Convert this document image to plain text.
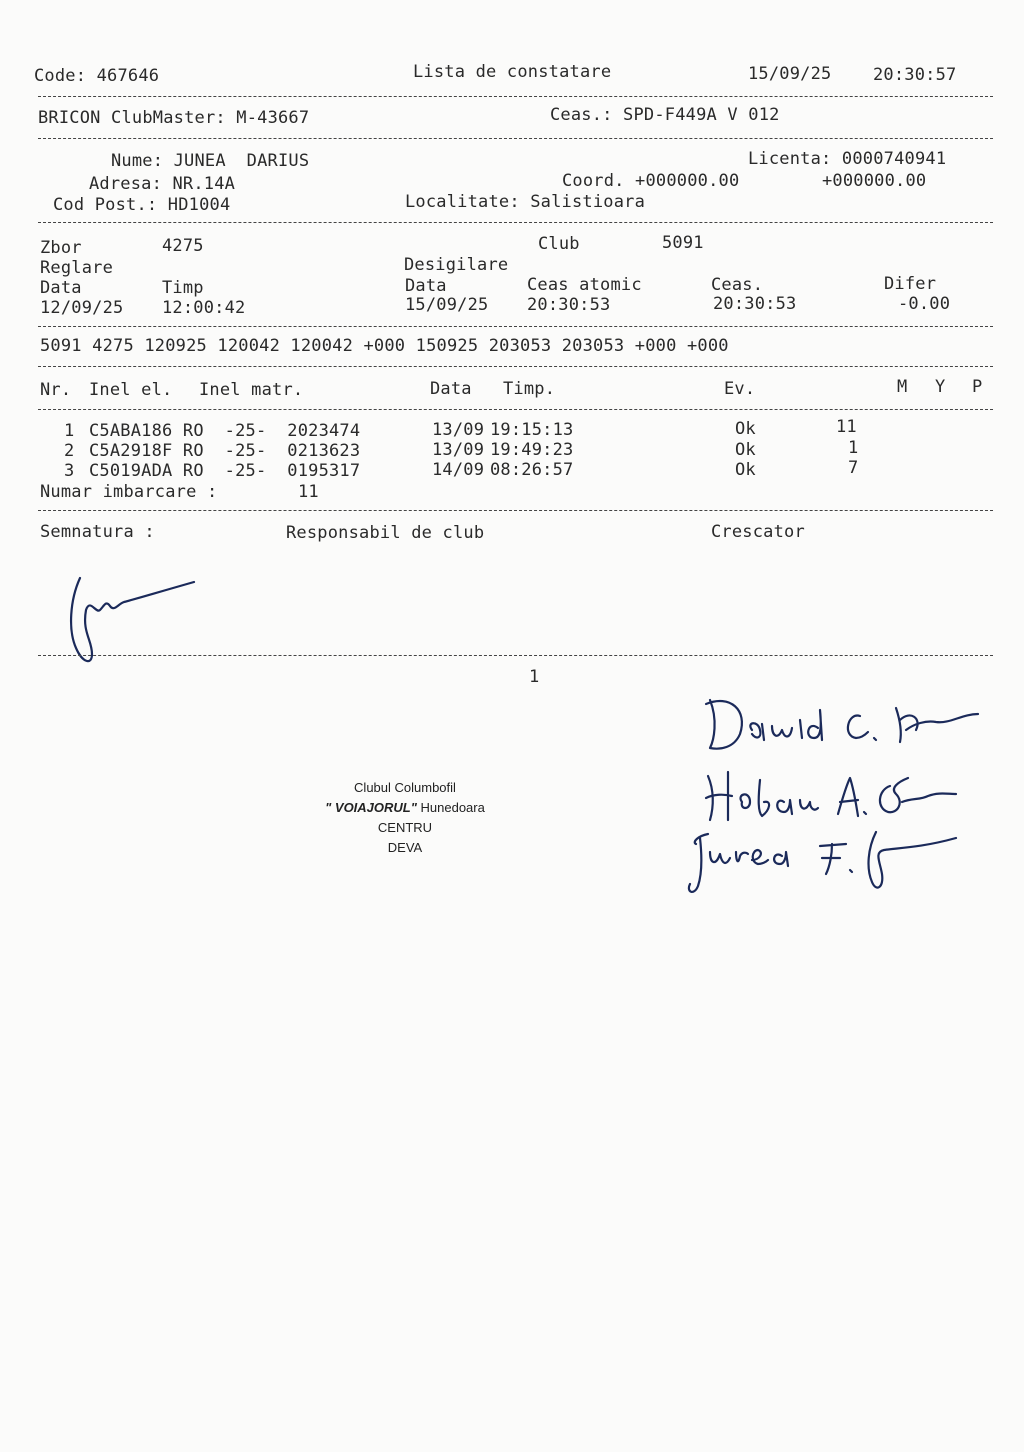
Code: 467646	Lista de constatare	15/09/25 20:30:57
BRICON ClubMaster: M-43667	Ceas.: SPD-F449A V 012
Nume: JUNEA  DARIUS	Licenta: 0000740941
Adresa: NR.14A	Coord. +000000.00	+000000.00
Cod Post.: HD1004	Localitate: Salistioara
Zbor	4275	Club	5091
Reglare	Desigilare
Data	Timp	Data	Ceas atomic	Ceas.	Difer
12/09/25 12:00:42	15/09/25 20:30:53	20:30:53	-0.00
5091 4275 120925 120042 120042 +000 150925 203053 203053 +000 +000
Nr. Inel el. Inel matr.	Data Timp.	Ev.	M Y P
1 C5ABA186 RO  -25-  2023474	13/09 19:15:13	Ok	11
2 C5A2918F RO  -25-  0213623	13/09 19:49:23	Ok	1
3 C5019ADA RO  -25-  0195317	14/09 08:26:57	Ok	7
Numar imbarcare :	11
Semnatura :	Responsabil de club	Crescator
1
Clubul Columbofil
" VOIAJORUL" Hunedoara
CENTRU
DEVA
